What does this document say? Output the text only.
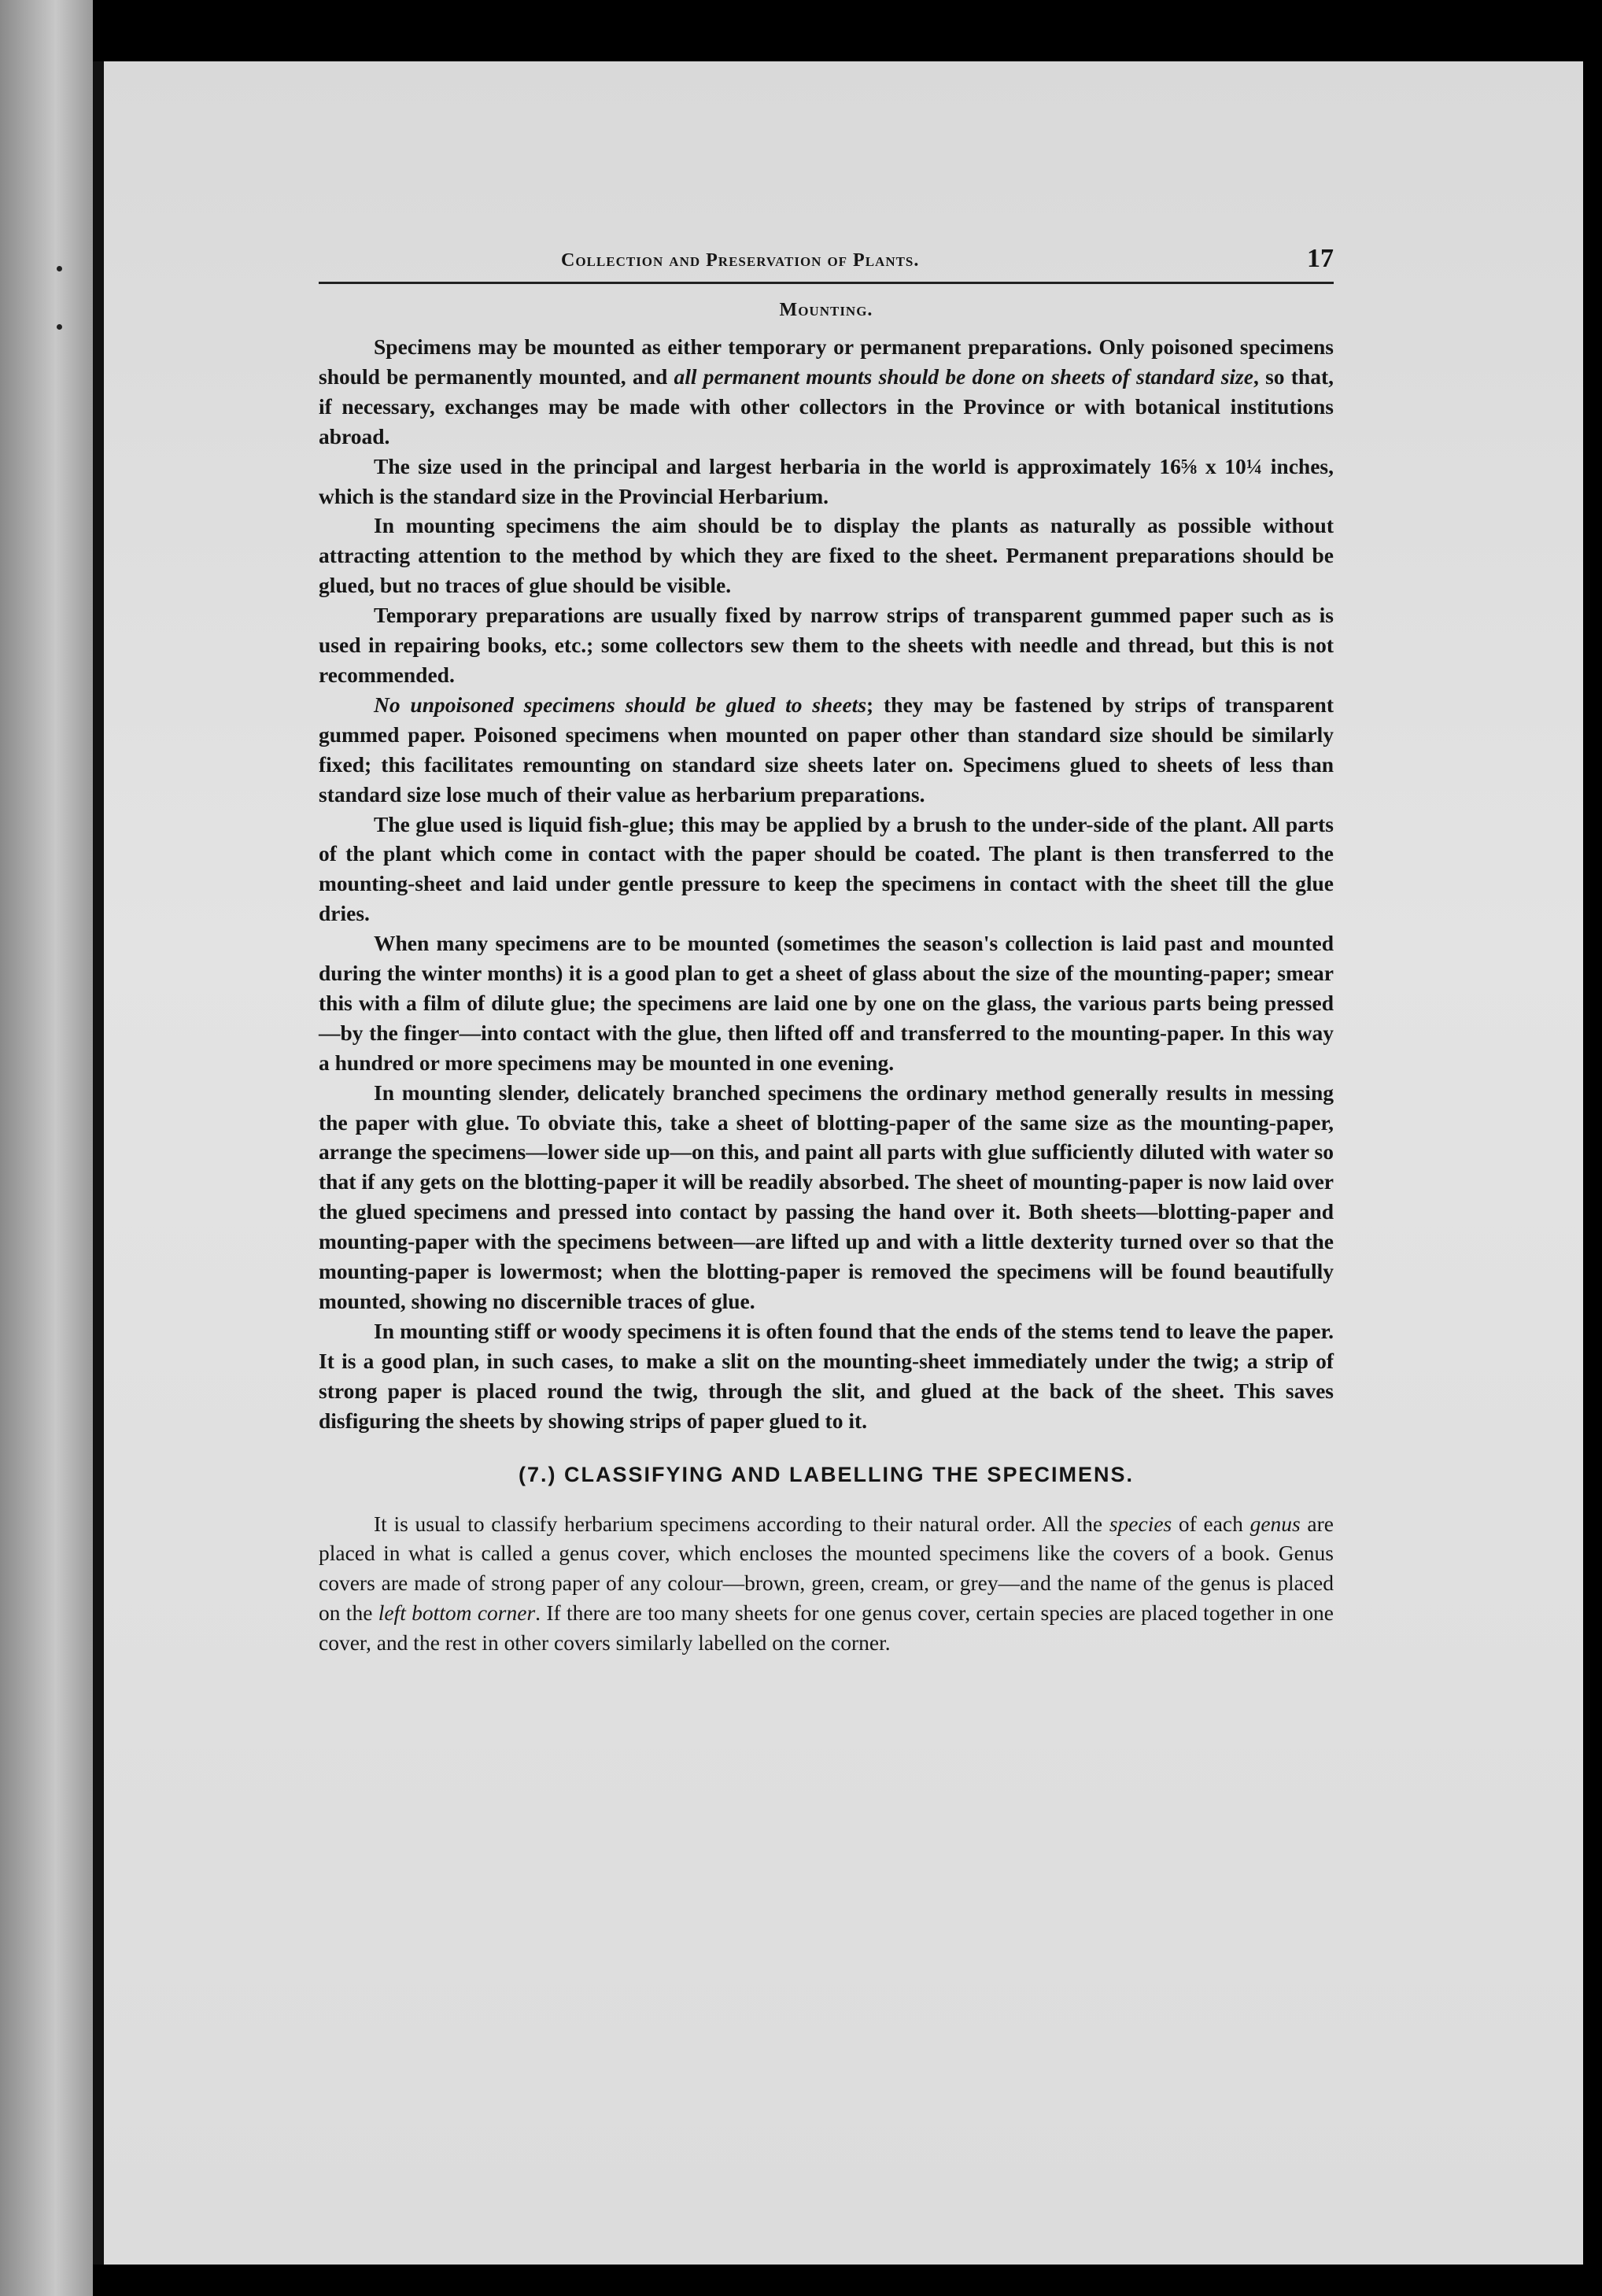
Collection and Preservation of Plants.	17
Mounting.

Specimens may be mounted as either temporary or permanent preparations. Only poisoned specimens should be permanently mounted, and all permanent mounts should be done on sheets of standard size, so that, if necessary, exchanges may be made with other collectors in the Province or with botanical institutions abroad.

The size used in the principal and largest herbaria in the world is approximately 16⅝ x 10¼ inches, which is the standard size in the Provincial Herbarium.

In mounting specimens the aim should be to display the plants as naturally as possible without attracting attention to the method by which they are fixed to the sheet. Permanent preparations should be glued, but no traces of glue should be visible.

Temporary preparations are usually fixed by narrow strips of transparent gummed paper such as is used in repairing books, etc.; some collectors sew them to the sheets with needle and thread, but this is not recommended.

No unpoisoned specimens should be glued to sheets; they may be fastened by strips of transparent gummed paper. Poisoned specimens when mounted on paper other than standard size should be similarly fixed; this facilitates remounting on standard size sheets later on. Specimens glued to sheets of less than standard size lose much of their value as herbarium preparations.

The glue used is liquid fish-glue; this may be applied by a brush to the under-side of the plant. All parts of the plant which come in contact with the paper should be coated. The plant is then transferred to the mounting-sheet and laid under gentle pressure to keep the specimens in contact with the sheet till the glue dries.

When many specimens are to be mounted (sometimes the season's collection is laid past and mounted during the winter months) it is a good plan to get a sheet of glass about the size of the mounting-paper; smear this with a film of dilute glue; the specimens are laid one by one on the glass, the various parts being pressed—by the finger—into contact with the glue, then lifted off and transferred to the mounting-paper. In this way a hundred or more specimens may be mounted in one evening.

In mounting slender, delicately branched specimens the ordinary method generally results in messing the paper with glue. To obviate this, take a sheet of blotting-paper of the same size as the mounting-paper, arrange the specimens—lower side up—on this, and paint all parts with glue sufficiently diluted with water so that if any gets on the blotting-paper it will be readily absorbed. The sheet of mounting-paper is now laid over the glued specimens and pressed into contact by passing the hand over it. Both sheets—blotting-paper and mounting-paper with the specimens between—are lifted up and with a little dexterity turned over so that the mounting-paper is lowermost; when the blotting-paper is removed the specimens will be found beautifully mounted, showing no discernible traces of glue.

In mounting stiff or woody specimens it is often found that the ends of the stems tend to leave the paper. It is a good plan, in such cases, to make a slit on the mounting-sheet immediately under the twig; a strip of strong paper is placed round the twig, through the slit, and glued at the back of the sheet. This saves disfiguring the sheets by showing strips of paper glued to it.

(7.) CLASSIFYING AND LABELLING THE SPECIMENS.

It is usual to classify herbarium specimens according to their natural order. All the species of each genus are placed in what is called a genus cover, which encloses the mounted specimens like the covers of a book. Genus covers are made of strong paper of any colour—brown, green, cream, or grey—and the name of the genus is placed on the left bottom corner. If there are too many sheets for one genus cover, certain species are placed together in one cover, and the rest in other covers similarly labelled on the corner.
